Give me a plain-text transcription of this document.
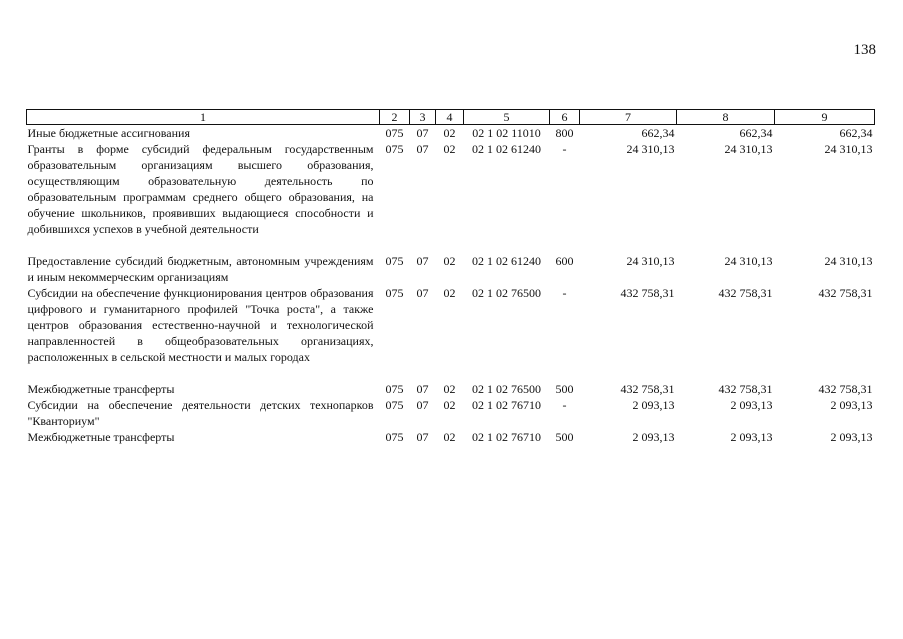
138
1	2	3	4	5	6	7	8	9
Иные бюджетные ассигнования	075	07	02	02 1 02 11010	800	662,34	662,34	662,34
Гранты в форме субсидий федеральным государственным образовательным организациям высшего образования, осуществляющим образовательную деятельность по образовательным программам среднего общего образования, на обучение школьников, проявивших выдающиеся способности и добившихся успехов в учебной деятельности	075	07	02	02 1 02 61240	-	24 310,13	24 310,13	24 310,13
Предоставление субсидий бюджетным, автономным учреждениям и иным некоммерческим организациям	075	07	02	02 1 02 61240	600	24 310,13	24 310,13	24 310,13
Субсидии на обеспечение функционирования центров образования цифрового и гуманитарного профилей "Точка роста", а также центров образования естественно-научной и технологической направленностей в общеобразовательных организациях, расположенных в сельской местности и малых городах	075	07	02	02 1 02 76500	-	432 758,31	432 758,31	432 758,31
Межбюджетные трансферты	075	07	02	02 1 02 76500	500	432 758,31	432 758,31	432 758,31
Субсидии на обеспечение деятельности детских технопарков "Кванториум"	075	07	02	02 1 02 76710	-	2 093,13	2 093,13	2 093,13
Межбюджетные трансферты	075	07	02	02 1 02 76710	500	2 093,13	2 093,13	2 093,13
